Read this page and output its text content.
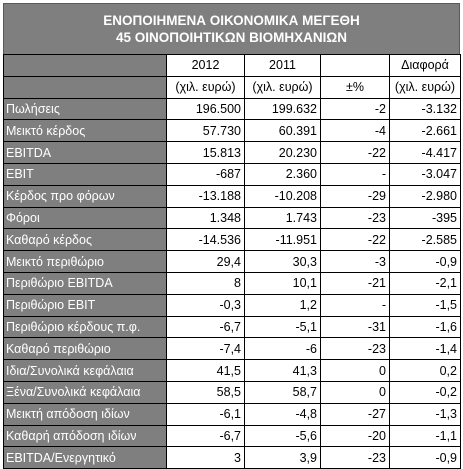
ΕΝΟΠΟΙΗΜΕΝΑ ΟΙΚΟΝΟΜΙΚΑ ΜΕΓΕΘΗ
45 ΟΙΝΟΠΟΙΗΤΙΚΩΝ ΒΙΟΜΗΧΑΝΙΩΝ
	2012	2011		Διαφορά
	(χιλ. ευρώ)	(χιλ. ευρώ)	±%	(χιλ. ευρώ)
Πωλήσεις	196.500	199.632	-2	-3.132
Μεικτό κέρδος	57.730	60.391	-4	-2.661
EBITDA	15.813	20.230	-22	-4.417
EBIT	-687	2.360	-	-3.047
Κέρδος προ φόρων	-13.188	-10.208	-29	-2.980
Φόροι	1.348	1.743	-23	-395
Καθαρό κέρδος	-14.536	-11.951	-22	-2.585
Μεικτό περιθώριο	29,4	30,3	-3	-0,9
Περιθώριο EBITDA	8	10,1	-21	-2,1
Περιθώριο EBIT	-0,3	1,2	-	-1,5
Περιθώριο κέρδους π.φ.	-6,7	-5,1	-31	-1,6
Καθαρό περιθώριο	-7,4	-6	-23	-1,4
Ιδια/Συνολικά κεφάλαια	41,5	41,3	0	0,2
Ξένα/Συνολικά κεφάλαια	58,5	58,7	0	-0,2
Μεικτή απόδοση ιδίων	-6,1	-4,8	-27	-1,3
Καθαρή απόδοση ιδίων	-6,7	-5,6	-20	-1,1
EBITDA/Ενεργητικό	3	3,9	-23	-0,9
